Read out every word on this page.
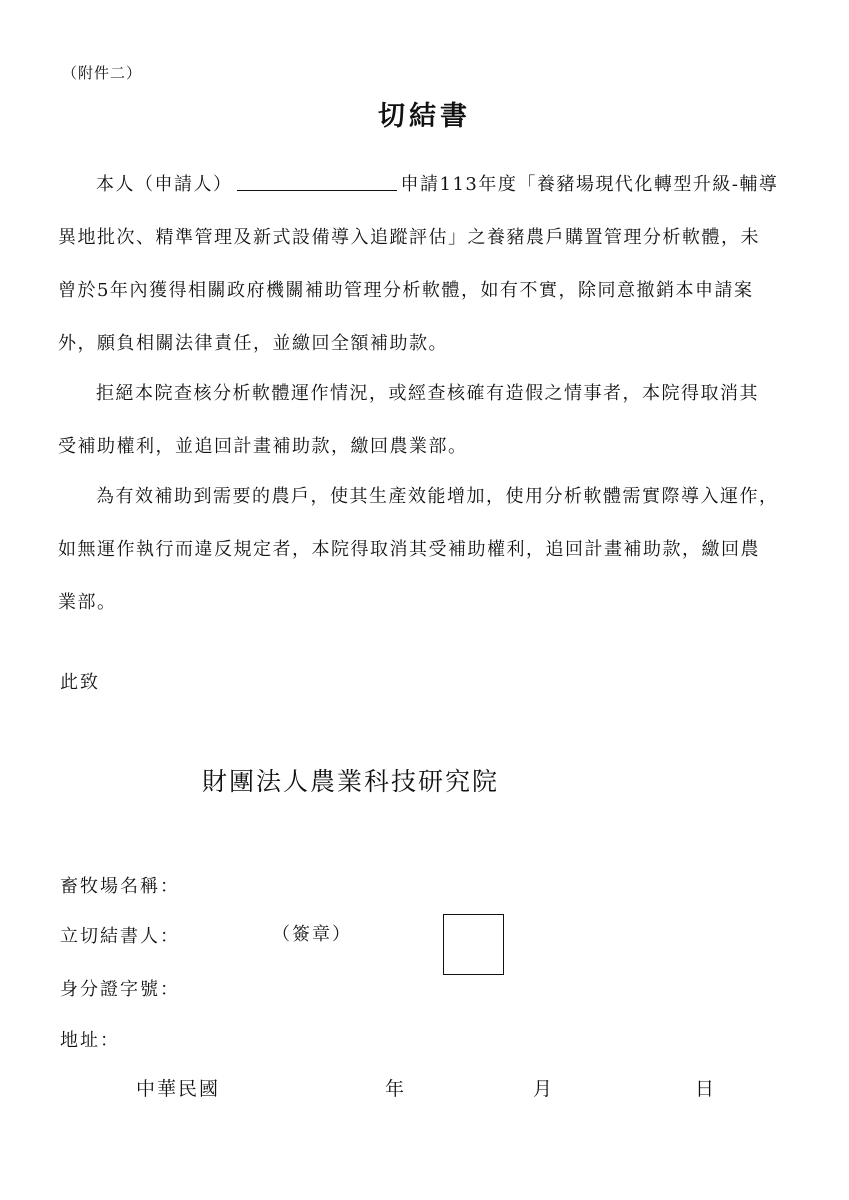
（附件二）
切結書
本人（申請人）	申請113年度「養豬場現代化轉型升級-輔導
異地批次、精準管理及新式設備導入追蹤評估」之養豬農戶購置管理分析軟體，未
曾於5年內獲得相關政府機關補助管理分析軟體，如有不實，除同意撤銷本申請案
外，願負相關法律責任，並繳回全額補助款。
拒絕本院查核分析軟體運作情況，或經查核確有造假之情事者，本院得取消其
受補助權利，並追回計畫補助款，繳回農業部。
為有效補助到需要的農戶，使其生產效能增加，使用分析軟體需實際導入運作，
如無運作執行而違反規定者，本院得取消其受補助權利，追回計畫補助款，繳回農
業部。
此致
財團法人農業科技研究院
畜牧場名稱：
立切結書人：	（簽章）
身分證字號：
地址：
中華民國	年	月	日
